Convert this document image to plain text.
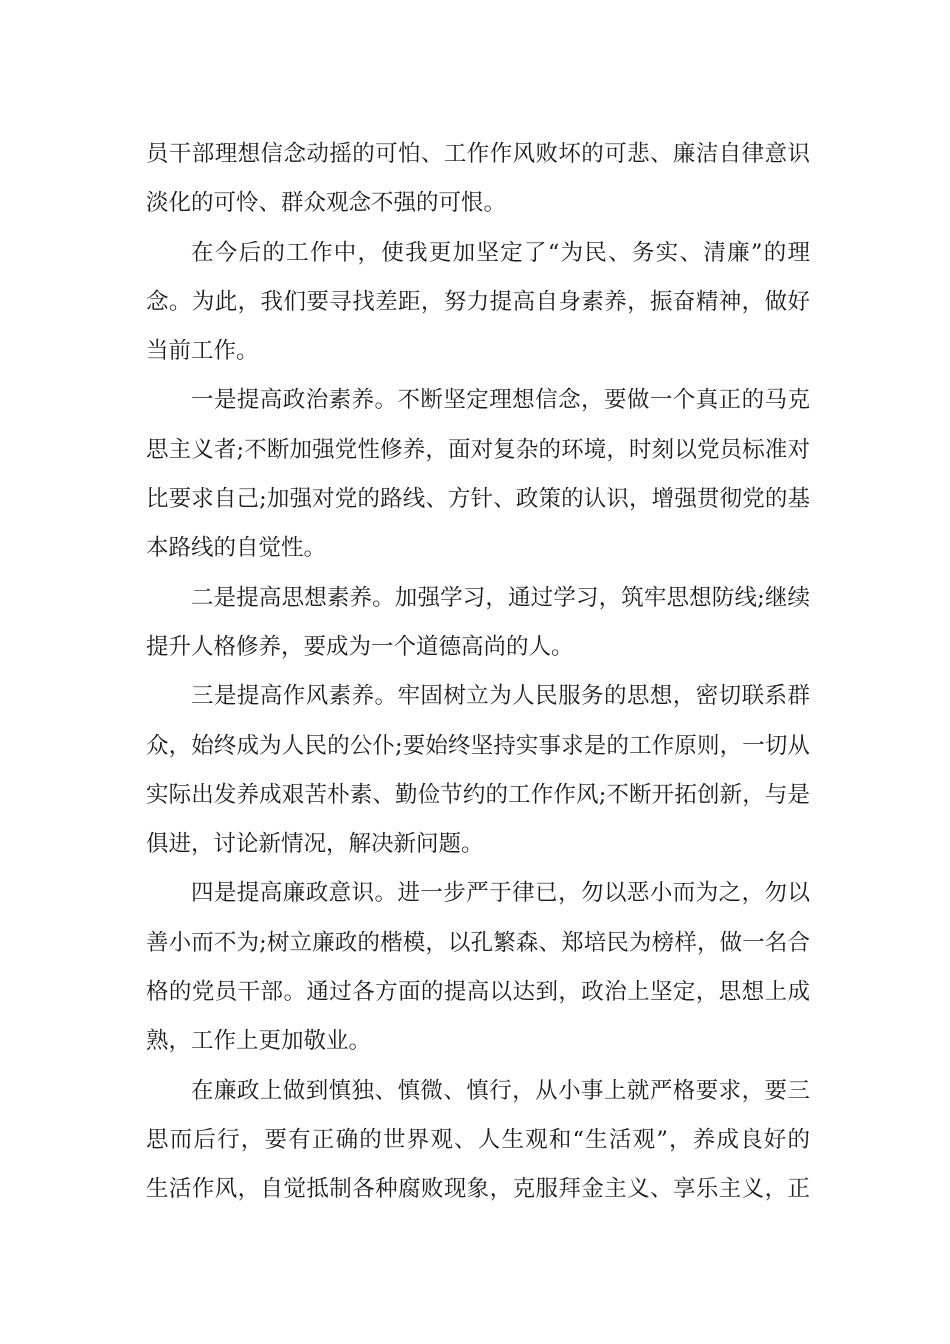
员干部理想信念动摇的可怕、工作作风败坏的可悲、廉洁自律意识
淡化的可怜、群众观念不强的可恨。
在今后的工作中，使我更加坚定了“为民、务实、清廉”的理
念。为此，我们要寻找差距，努力提高自身素养，振奋精神，做好
当前工作。
一是提高政治素养。不断坚定理想信念，要做一个真正的马克
思主义者;不断加强党性修养，面对复杂的环境，时刻以党员标准对
比要求自己;加强对党的路线、方针、政策的认识，增强贯彻党的基
本路线的自觉性。
二是提高思想素养。加强学习，通过学习，筑牢思想防线;继续
提升人格修养，要成为一个道德高尚的人。
三是提高作风素养。牢固树立为人民服务的思想，密切联系群
众，始终成为人民的公仆;要始终坚持实事求是的工作原则，一切从
实际出发养成艰苦朴素、勤俭节约的工作作风;不断开拓创新，与是
俱进，讨论新情况，解决新问题。
四是提高廉政意识。进一步严于律已，勿以恶小而为之，勿以
善小而不为;树立廉政的楷模，以孔繁森、郑培民为榜样，做一名合
格的党员干部。通过各方面的提高以达到，政治上坚定，思想上成
熟，工作上更加敬业。
在廉政上做到慎独、慎微、慎行，从小事上就严格要求，要三
思而后行，要有正确的世界观、人生观和“生活观”，养成良好的
生活作风，自觉抵制各种腐败现象，克服拜金主义、享乐主义，正
